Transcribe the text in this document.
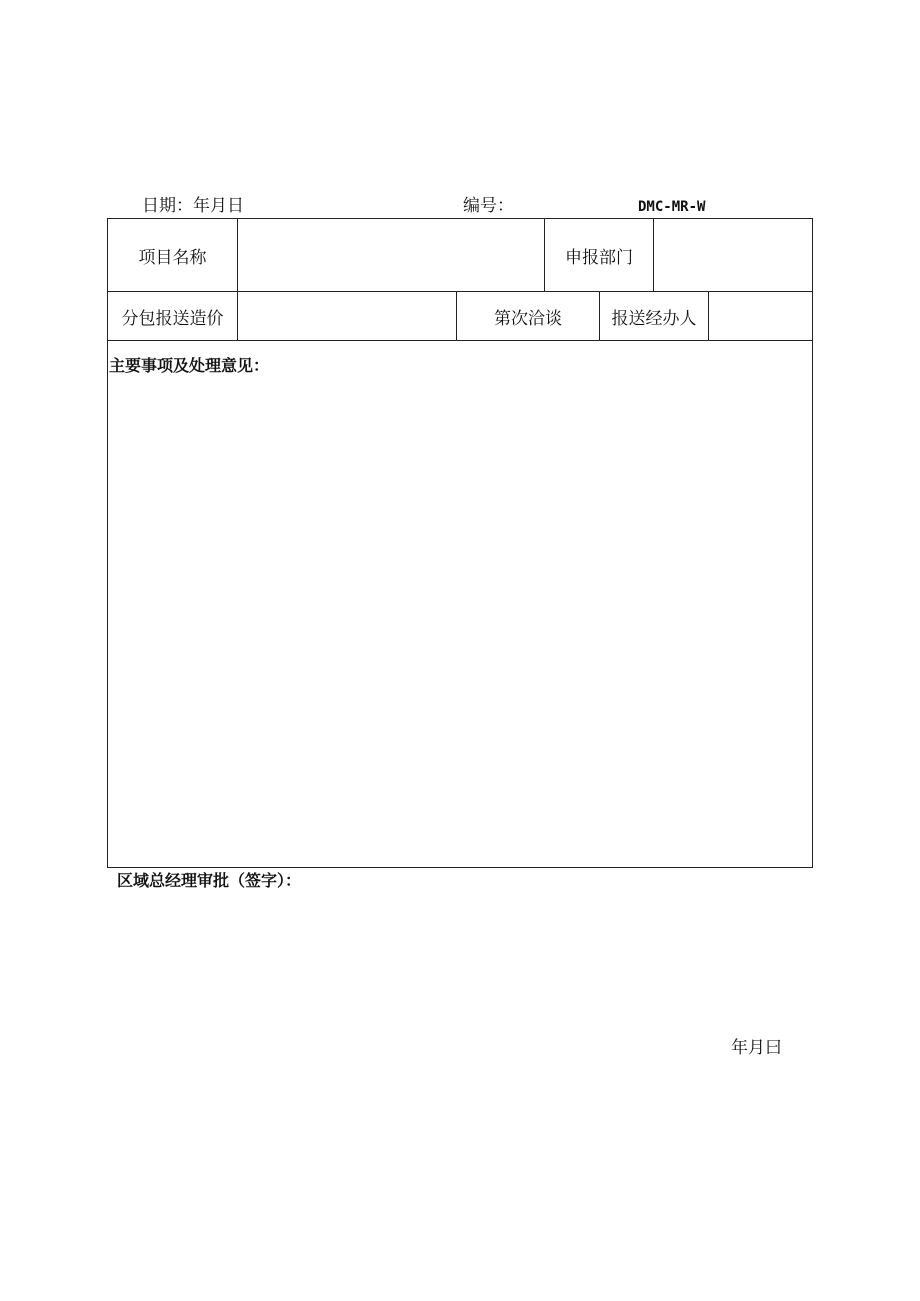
日期：年月日	编号：	DMC-MR-W
项目名称	申报部门
分包报送造价	第次洽谈	报送经办人
主要事项及处理意见：
区域总经理审批（签字）：
年月曰
